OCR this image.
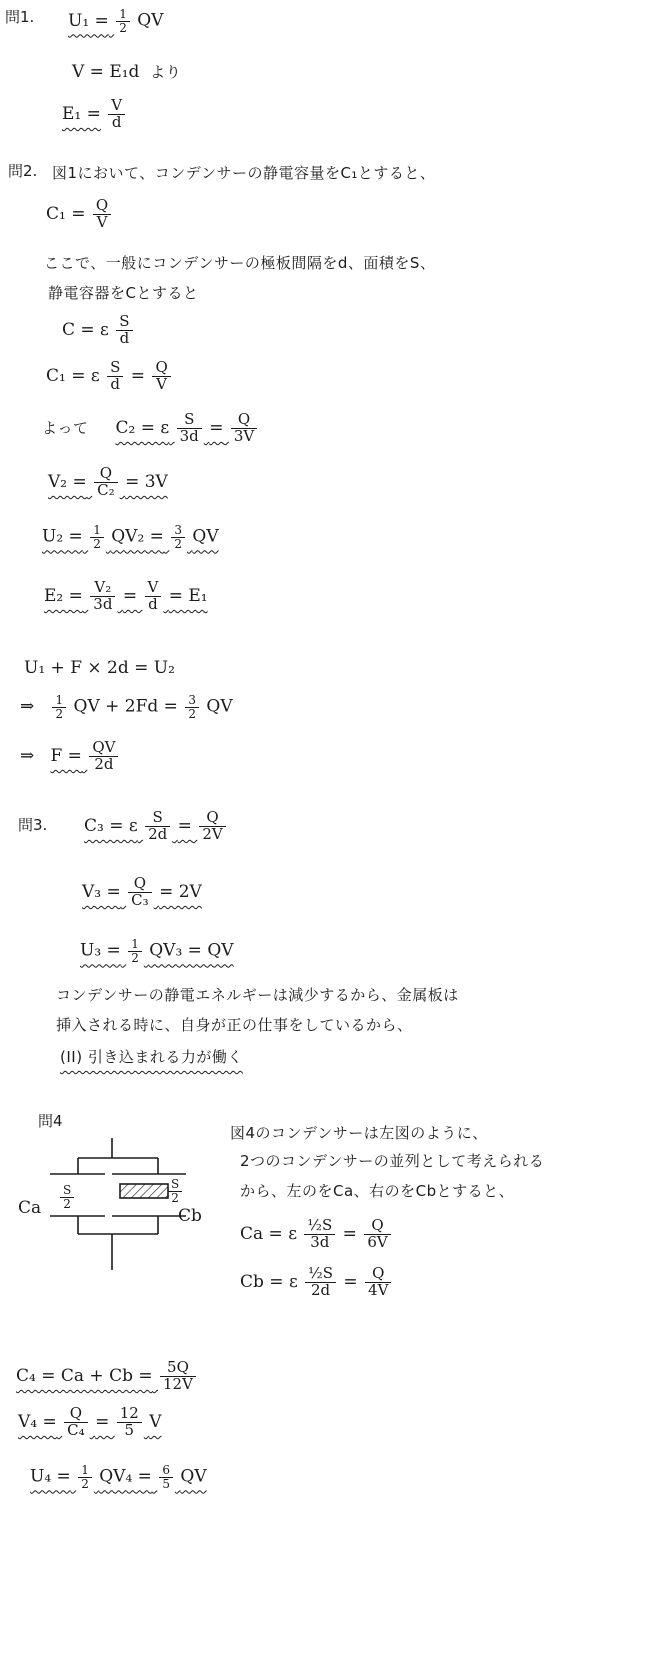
問1. $U_1 = \frac{1}{2}$ QV
V = E₁d より
$E_1 = \frac{V}{d}$
問2. 図1において、コンデンサーの静電容量をC₁とすると、
$C_1 = \frac{Q}{V}$
ここで、一般にコンデンサーの極板間隔をd、面積をS、
静電容器をCとすると
C = ε $\frac{S}{d}$
C₁ = ε $\frac{S}{d} = \frac{Q}{V}$
よって C₂ = ε $\frac{S}{3d} = \frac{Q}{3V}$
$V_2 = \frac{Q}{\text{C₂}} = 3V$
$U_2 = \frac{1}{2} QV_2 = \frac{3}{2}$ QV
$E_2 = \frac{\text{V₂}}{3d} = \frac{V}{d} = E_1$
U₁ + F × 2d = U₂
⇒ $\frac{1}{2}$ QV + $2Fd = \frac{3}{2}$ QV
⇒ $F = \frac{QV}{2d}$
問3. C₃ = ε $\frac{S}{2d} = \frac{Q}{2V}$
$V_3 = \frac{Q}{\text{C₃}} = 2V$
$U_3 = \frac{1}{2} QV_3$ = QV
コンデンサーの静電エネルギーは減少するから、金属板は
挿入される時に、自身が正の仕事をしているから、
(II) 引き込まれる力が働く
問4
Ca	Cb
$\frac{S}{2}$	$\frac{S}{2}$
図4のコンデンサーは左図のように、
2つのコンデンサーの並列として考えられる
から、左のをCa、右のをCbとすると、
Ca = ε $\frac{\text{½S}}{3d} = \frac{Q}{6V}$
Cb = ε $\frac{\text{½S}}{2d} = \frac{Q}{4V}$
$C_4 = Ca + Cb = \frac{5Q}{12V}$
$V_4 = \frac{Q}{\text{C₄}} = \frac{12}{5}$ V
$U_4 = \frac{1}{2} QV_4 = \frac{6}{5}$ QV
